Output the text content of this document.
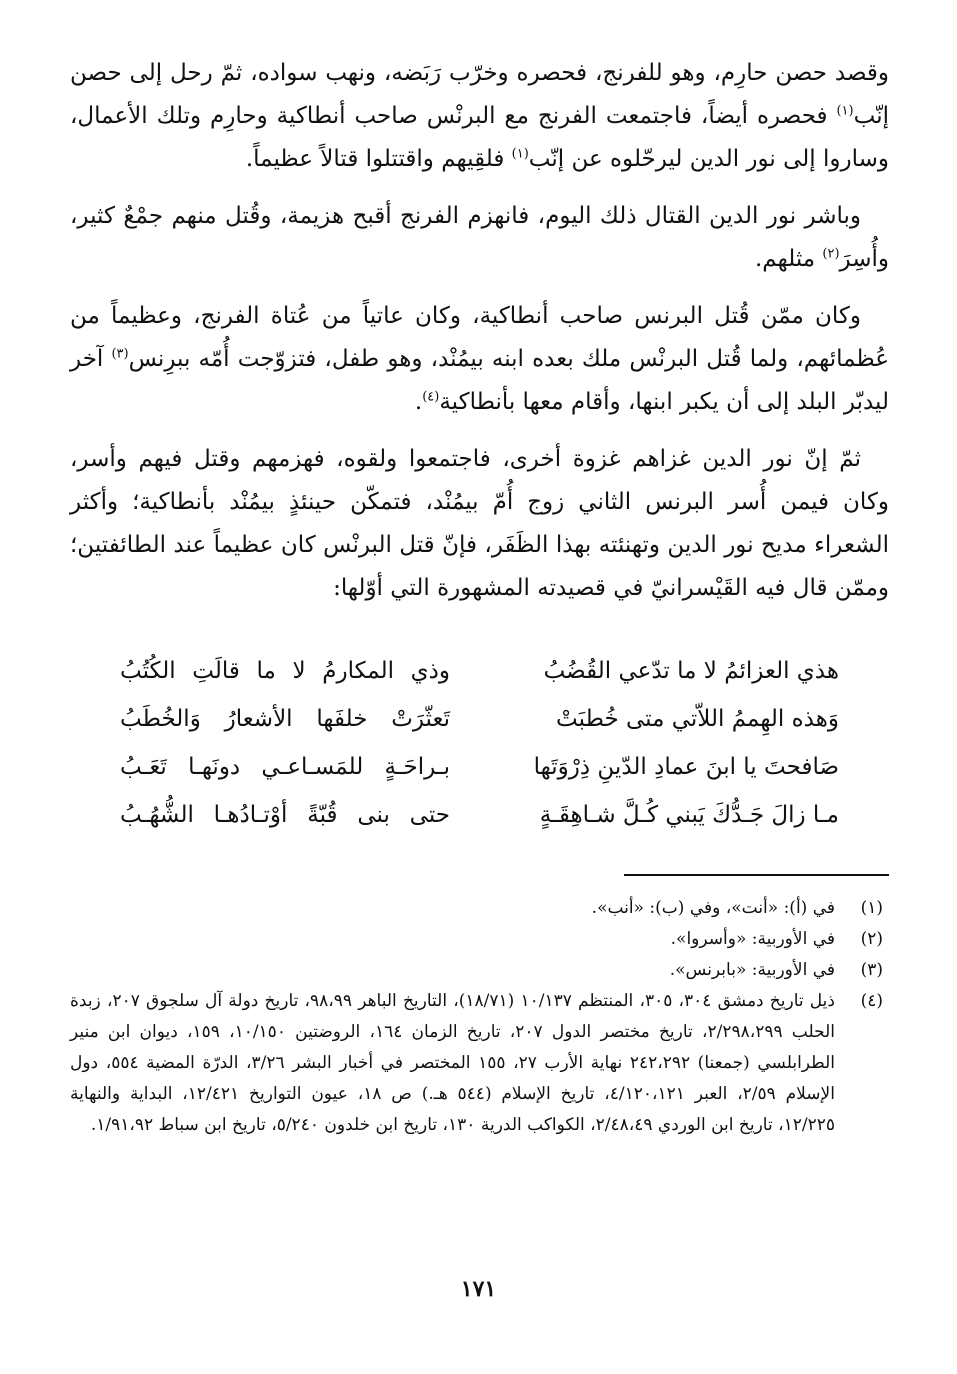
وقصد حصن حارِم، وهو للفرنج، فحصره وخرّب رَبَضه، ونهب سواده، ثمّ رحل إلى حصن إنّب$^{(١)}$ فحصره أيضاً، فاجتمعت الفرنج مع البرنْس صاحب أنطاكية وحارِم وتلك الأعمال، وساروا إلى نور الدين ليرحّلوه عن إنّب$^{(١)}$ فلقِيهم واقتتلوا قتالاً عظيماً.

وباشر نور الدين القتال ذلك اليوم، فانهزم الفرنج أقبح هزيمة، وقُتل منهم جمْعٌ كثير، وأُسِرَ$^{(٢)}$ مثلهم.

وكان ممّن قُتل البرنس صاحب أنطاكية، وكان عاتياً من عُتاة الفرنج، وعظيماً من عُظمائهم، ولما قُتل البرنْس ملك بعده ابنه بيمُنْد، وهو طفل، فتزوّجت أُمّه ببرِنس$^{(٣)}$ آخر ليدبّر البلد إلى أن يكبر ابنها، وأقام معها بأنطاكية$^{(٤)}$.

ثمّ إنّ نور الدين غزاهم غزوة أخرى، فاجتمعوا ولقوه، فهزمهم وقتل فيهم وأسر، وكان فيمن أُسر البرنس الثاني زوج أُمّ بيمُنْد، فتمكّن حينئذٍ بيمُنْد بأنطاكية؛ وأكثر الشعراء مديح نور الدين وتهنئته بهذا الظَفَر، فإنّ قتل البرنْس كان عظيماً عند الطائفتين؛ وممّن قال فيه القَيْسرانيّ في قصيدته المشهورة التي أوّلها:

هذي العزائمُ لا ما تدّعي القُضُبُ
وذي المكارمُ لا ما قالَتِ الكُتُبُ
وَهذه الهِممُ اللاّتي متى خُطبَتْ
تَعثّرَتْ خلفَها الأشعارُ وَالخُطَبُ
صَافحتَ يا ابنَ عمادِ الدّينِ ذِرْوَتَها
بـراحَـةٍ للمَسـاعـي دونَهـا تَعَـبُ
مـا زالَ جَـدُّكَ يَبني كُـلَّ شـاهِقَـةٍ
حتى بنى قُبّةً أوْتـادُهـا الشُّهُـبُ
(١)
في (أ): «أنت»، وفي (ب): «أنب».
(٢)
في الأوربية: «وأسروا».
(٣)
في الأوربية: «بابرنس».
(٤)
ذيل تاريخ دمشق ٣٠٤، ٣٠٥، المنتظم ١٠/١٣٧ (١٨/٧١)، التاريخ الباهر ٩٨،٩٩، تاريخ دولة آل سلجوق ٢٠٧، زبدة الحلب ٢/٢٩٨،٢٩٩، تاريخ مختصر الدول ٢٠٧، تاريخ الزمان ١٦٤، الروضتين ١٠/١٥٠، ١٥٩، ديوان ابن منير الطرابلسي (جمعنا) ٢٤٢،٢٩٢ نهاية الأرب ٢٧، ١٥٥ المختصر في أخبار البشر ٣/٢٦، الدرّة المضية ٥٥٤، دول الإسلام ٢/٥٩، العبر ٤/١٢٠،١٢١، تاريخ الإسلام (٥٤٤ هـ.) ص ١٨، عيون التواريخ ١٢/٤٢١، البداية والنهاية ١٢/٢٢٥، تاريخ ابن الوردي ٢/٤٨،٤٩، الكواكب الدرية ١٣٠، تاريخ ابن خلدون ٥/٢٤٠، تاريخ ابن سباط ١/٩١،٩٢.
١٧١
